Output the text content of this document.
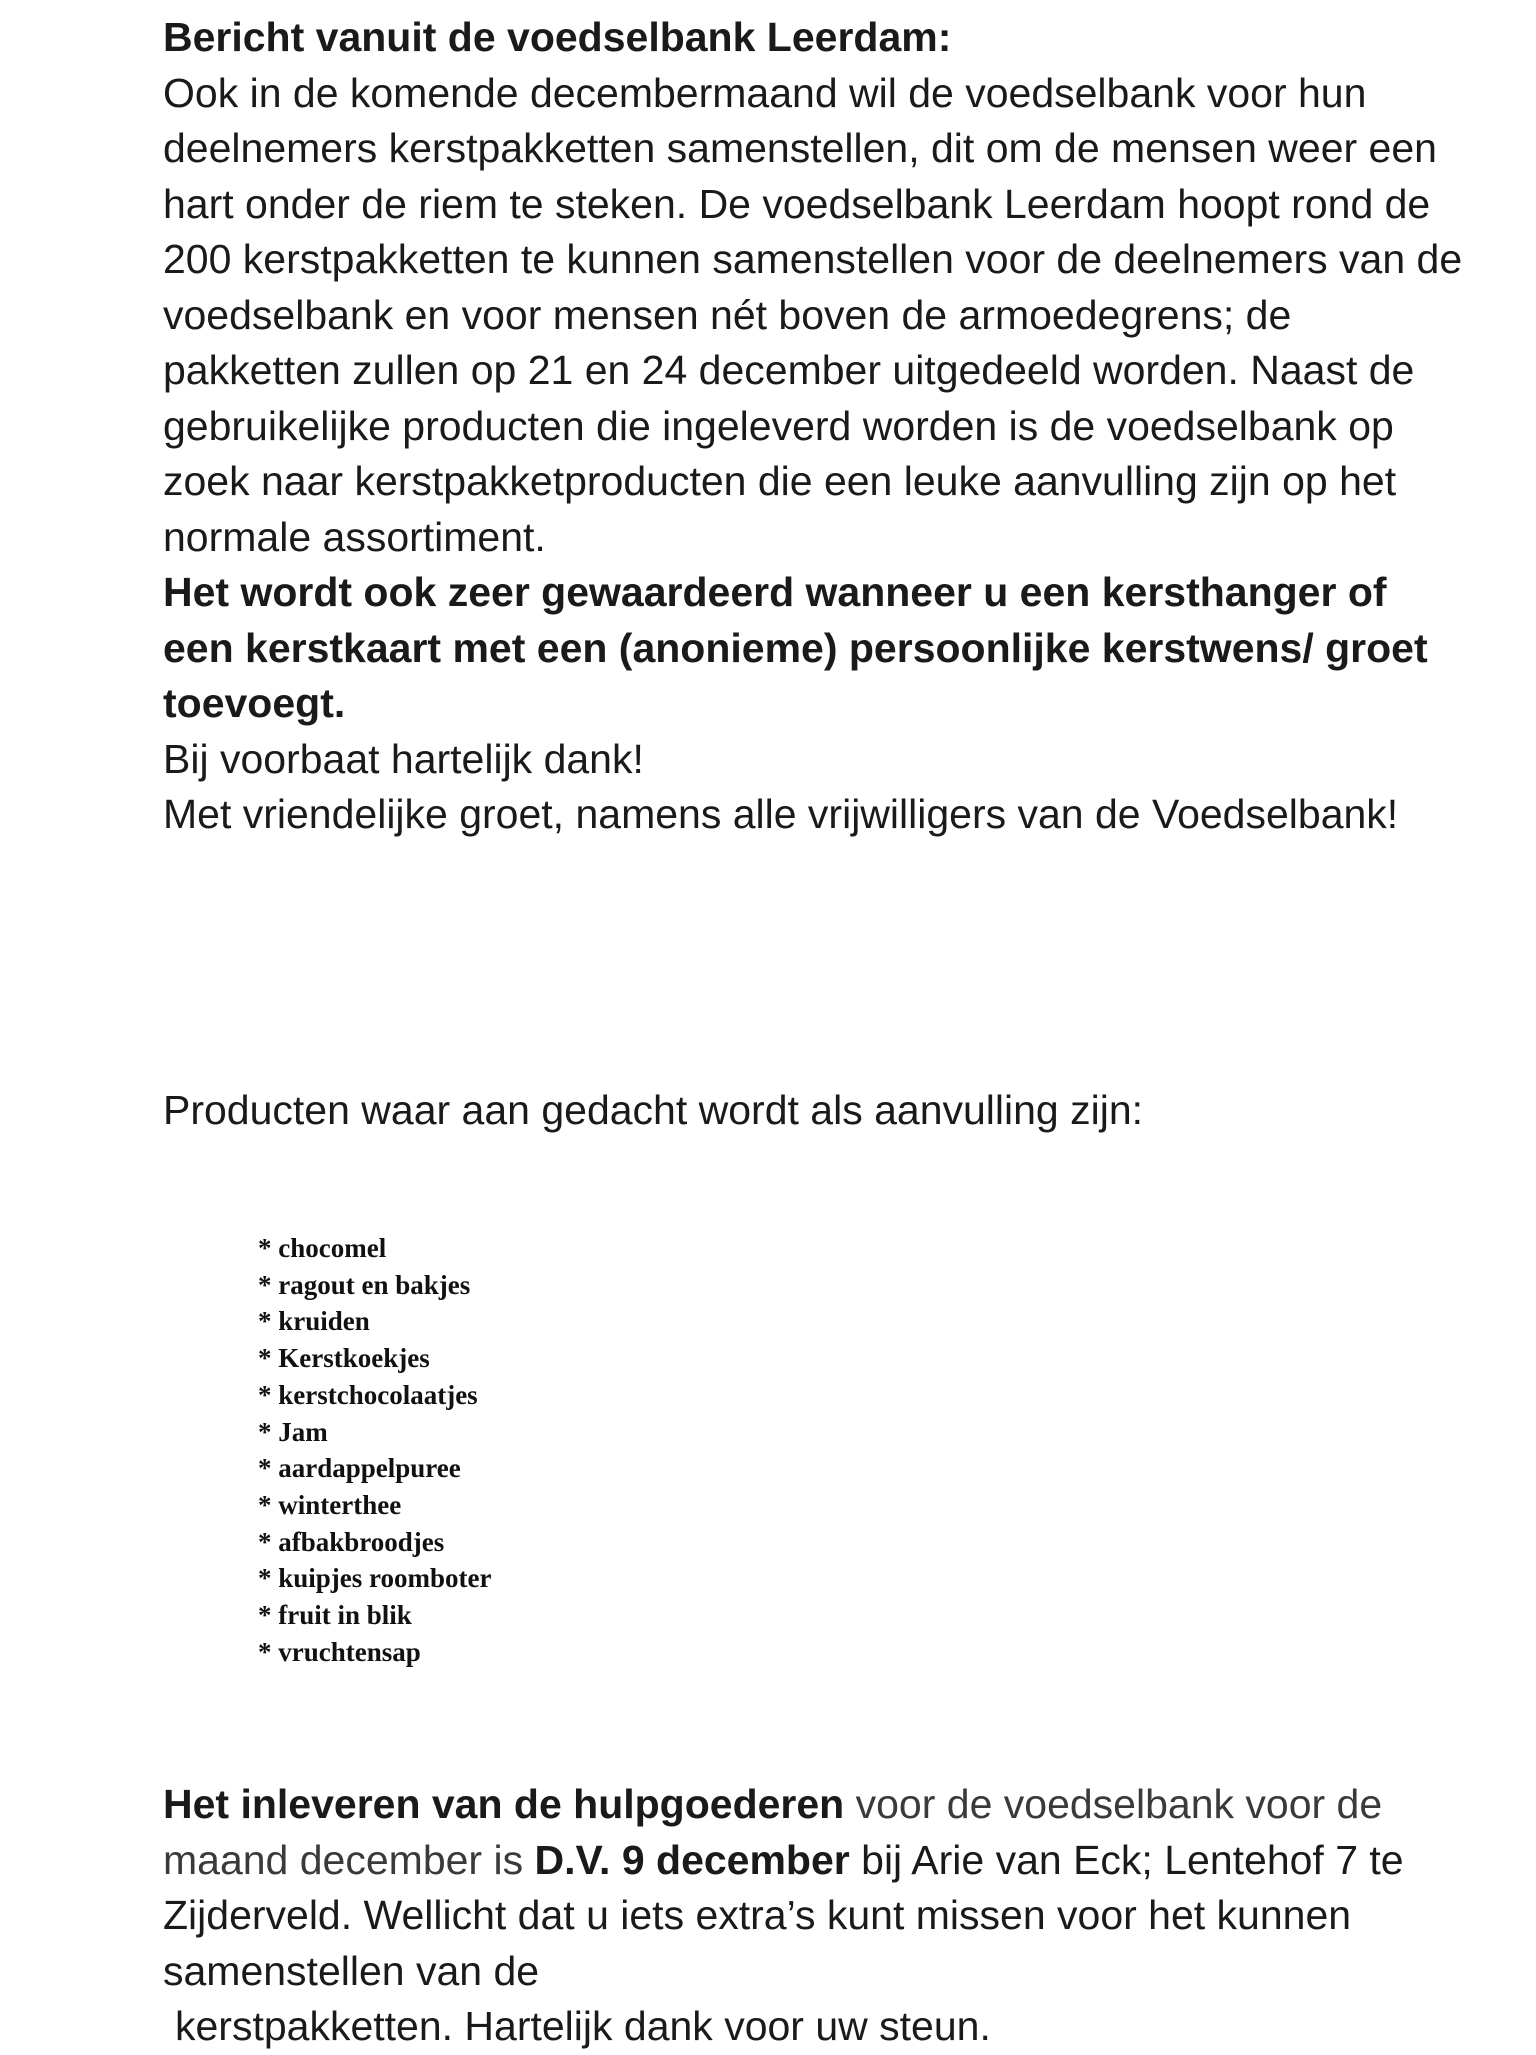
Bericht vanuit de voedselbank Leerdam:

Ook in de komende decembermaand wil de voedselbank voor hun deelnemers kerstpakketten samenstellen, dit om de mensen weer een hart onder de riem te steken. De voedselbank Leerdam hoopt rond de 200 kerstpakketten te kunnen samenstellen voor de deelnemers van de voedselbank en voor mensen nét boven de armoedegrens; de pakketten zullen op 21 en 24 december uitgedeeld worden. Naast de gebruikelijke producten die ingeleverd worden is de voedselbank op zoek naar kerstpakketproducten die een leuke aanvulling zijn op het normale assortiment.

Het wordt ook zeer gewaardeerd wanneer u een kersthanger of een kerstkaart met een (anonieme) persoonlijke kerstwens/ groet toevoegt.

Bij voorbaat hartelijk dank!

Met vriendelijke groet, namens alle vrijwilligers van de Voedselbank!

Producten waar aan gedacht wordt als aanvulling zijn:
* chocomel
* ragout en bakjes
* kruiden
* Kerstkoekjes
* kerstchocolaatjes
* Jam
* aardappelpuree
* winterthee
* afbakbroodjes
* kuipjes roomboter
* fruit in blik
* vruchtensap

Het inleveren van de hulpgoederen voor de voedselbank voor de maand december is D.V. 9 december bij Arie van Eck; Lentehof 7 te Zijderveld. Wellicht dat u iets extra’s kunt missen voor het kunnen samenstellen van de

kerstpakketten. Hartelijk dank voor uw steun.
